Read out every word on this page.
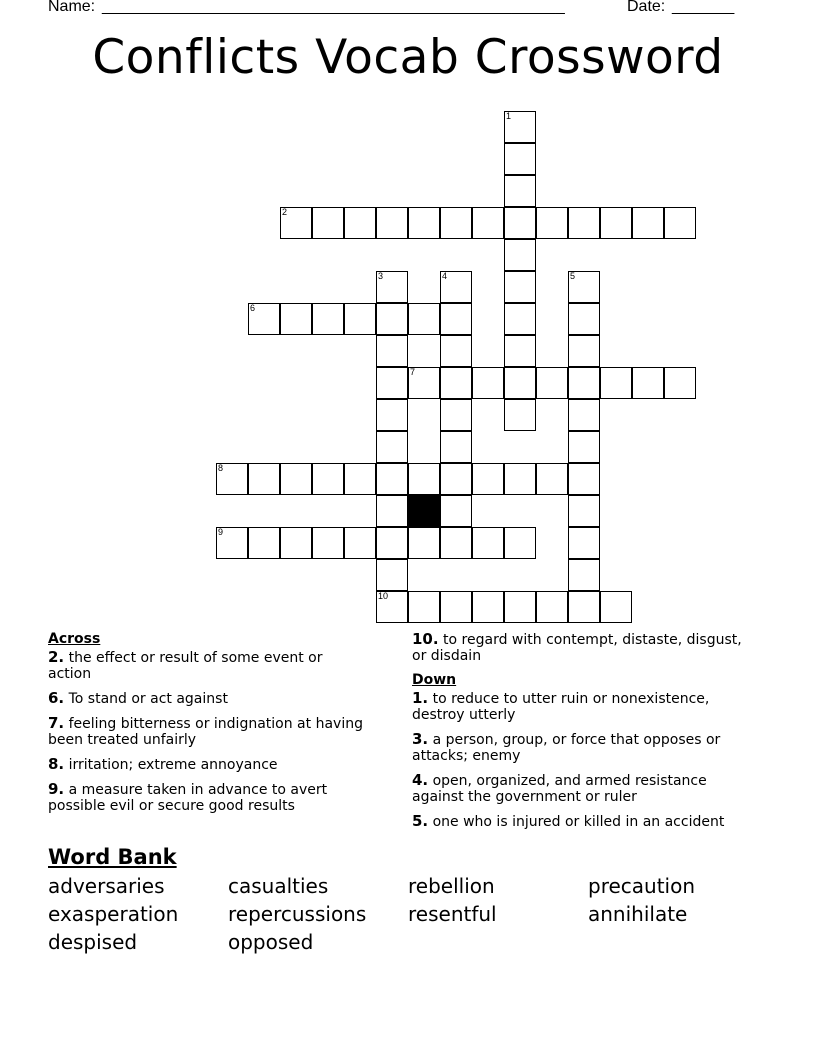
Name: ____________________________________________________	Date: _______
Conflicts Vocab Crossword
1
2
3
10
4	5
6
7
8
9
Across
2. the effect or result of some event or action
6. To stand or act against
7. feeling bitterness or indignation at having been treated unfairly
8. irritation; extreme annoyance
9. a measure taken in advance to avert possible evil or secure good results
10. to regard with contempt, distaste, disgust, or disdain
Down
1. to reduce to utter ruin or nonexistence, destroy utterly
3. a person, group, or force that opposes or attacks; enemy
4. open, organized, and armed resistance against the government or ruler
5. one who is injured or killed in an accident
Word Bank
adversaries	casualties	rebellion	precaution
exasperation	repercussions	resentful	annihilate
despised	opposed
